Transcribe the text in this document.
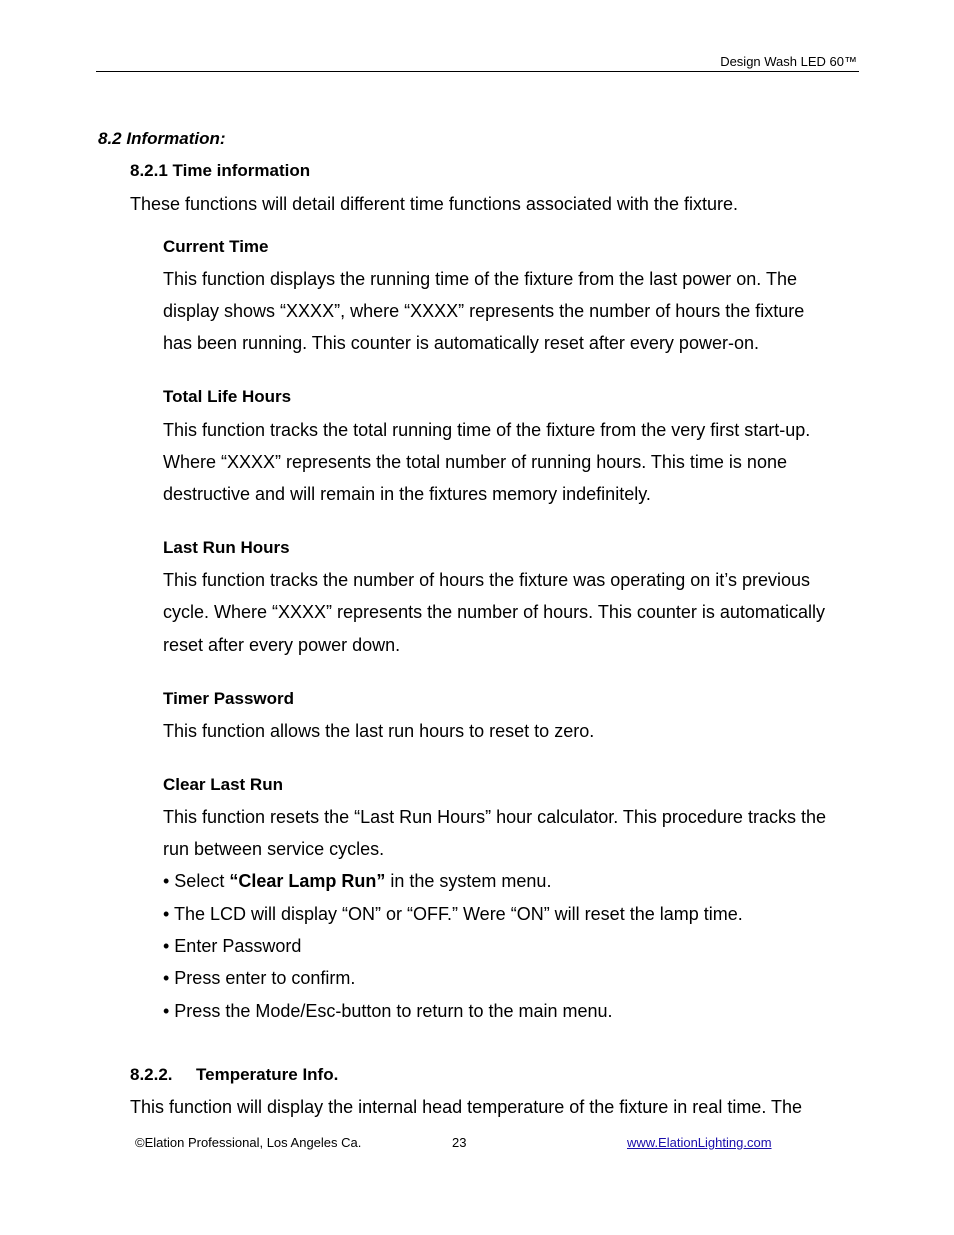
Design Wash LED 60™
8.2 Information:
8.2.1 Time information
These functions will detail different time functions associated with the fixture.
Current Time
This function displays the running time of the fixture from the last power on. The
display shows “XXXX”, where “XXXX” represents the number of hours the fixture
has been running. This counter is automatically reset after every power-on.
Total Life Hours
This function tracks the total running time of the fixture from the very first start-up.
Where “XXXX” represents the total number of running hours. This time is none
destructive and will remain in the fixtures memory indefinitely.
Last Run Hours
This function tracks the number of hours the fixture was operating on it’s previous
cycle. Where “XXXX” represents the number of hours. This counter is automatically
reset after every power down.
Timer Password
This function allows the last run hours to reset to zero.
Clear Last Run
This function resets the “Last Run Hours” hour calculator. This procedure tracks the
run between service cycles.
• Select “Clear Lamp Run” in the system menu.
• The LCD will display “ON” or “OFF.” Were “ON” will reset the lamp time.
• Enter Password
• Press enter to confirm.
• Press the Mode/Esc-button to return to the main menu.
8.2.2. Temperature Info.
This function will display the internal head temperature of the fixture in real time. The
©Elation Professional, Los Angeles Ca.	23	www.ElationLighting.com
